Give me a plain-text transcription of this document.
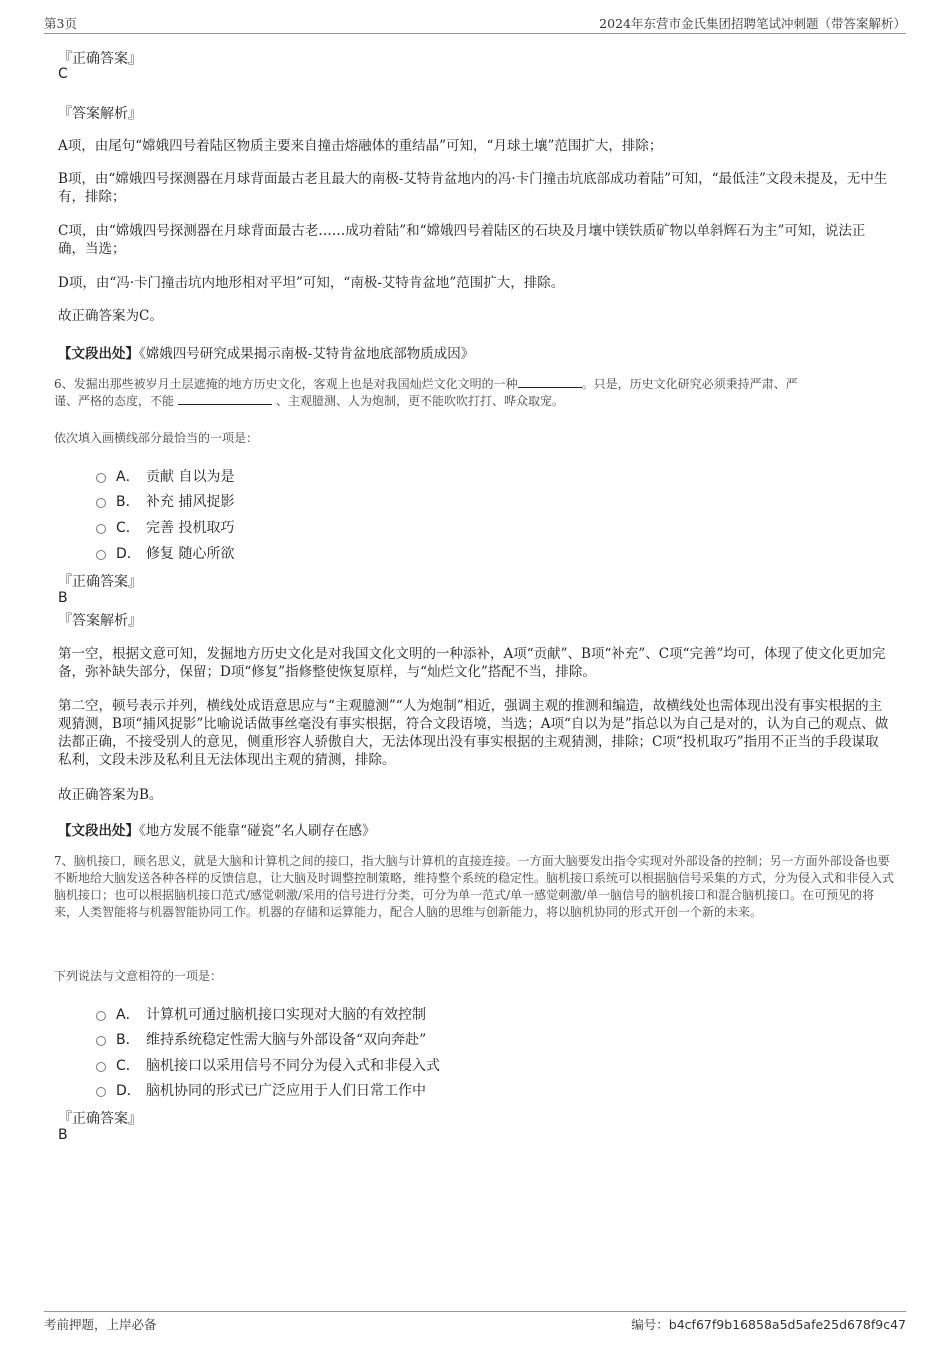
第3页	2024年东营市金氏集团招聘笔试冲刺题（带答案解析）
『正确答案』
C
『答案解析』
A项，由尾句“嫦娥四号着陆区物质主要来自撞击熔融体的重结晶”可知，“月球土壤”范围扩大，排除；
B项，由“嫦娥四号探测器在月球背面最古老且最大的南极-艾特肯盆地内的冯·卡门撞击坑底部成功着陆”可知，“最低洼”文段未提及，无中生有，排除；
C项，由“嫦娥四号探测器在月球背面最古老……成功着陆”和“嫦娥四号着陆区的石块及月壤中镁铁质矿物以单斜辉石为主”可知，说法正确，当选；
D项，由“冯·卡门撞击坑内地形相对平坦”可知，“南极-艾特肯盆地”范围扩大，排除。
故正确答案为C。
【文段出处】《嫦娥四号研究成果揭示南极-艾特肯盆地底部物质成因》
6、发掘出那些被岁月土层遮掩的地方历史文化，客观上也是对我国灿烂文化文明的一种	。只是，历史文化研究必须秉持严肃、严
谨、严格的态度，不能	、主观臆测、人为炮制，更不能吹吹打打、哗众取宠。
依次填入画横线部分最恰当的一项是：
A． 贡献 自以为是
B． 补充 捕风捉影
C． 完善 投机取巧
D． 修复 随心所欲
『正确答案』
B
『答案解析』
第一空，根据文意可知，发掘地方历史文化是对我国文化文明的一种添补，A项“贡献”、B项“补充”、C项“完善”均可，体现了使文化更加完备，弥补缺失部分，保留；D项“修复”指修整使恢复原样，与“灿烂文化”搭配不当，排除。
第二空，顿号表示并列，横线处成语意思应与“主观臆测”“人为炮制”相近，强调主观的推测和编造，故横线处也需体现出没有事实根据的主观猜测，B项“捕风捉影”比喻说话做事丝毫没有事实根据，符合文段语境，当选；A项“自以为是”指总以为自己是对的，认为自己的观点、做法都正确，不接受别人的意见，侧重形容人骄傲自大，无法体现出没有事实根据的主观猜测，排除；C项“投机取巧”指用不正当的手段谋取私利，文段未涉及私利且无法体现出主观的猜测，排除。
故正确答案为B。
【文段出处】《地方发展不能靠“碰瓷”名人刷存在感》
7、脑机接口，顾名思义，就是大脑和计算机之间的接口，指大脑与计算机的直接连接。一方面大脑要发出指令实现对外部设备的控制；另一方面外部设备也要不断地给大脑发送各种各样的反馈信息，让大脑及时调整控制策略，维持整个系统的稳定性。脑机接口系统可以根据脑信号采集的方式，分为侵入式和非侵入式脑机接口；也可以根据脑机接口范式/感觉刺激/采用的信号进行分类，可分为单一范式/单一感觉刺激/单一脑信号的脑机接口和混合脑机接口。在可预见的将来，人类智能将与机器智能协同工作。机器的存储和运算能力，配合人脑的思维与创新能力，将以脑机协同的形式开创一个新的未来。
下列说法与文意相符的一项是：
A． 计算机可通过脑机接口实现对大脑的有效控制
B． 维持系统稳定性需大脑与外部设备“双向奔赴”
C． 脑机接口以采用信号不同分为侵入式和非侵入式
D． 脑机协同的形式已广泛应用于人们日常工作中
『正确答案』
B
考前押题，上岸必备	编号：b4cf67f9b16858a5d5afe25d678f9c47
